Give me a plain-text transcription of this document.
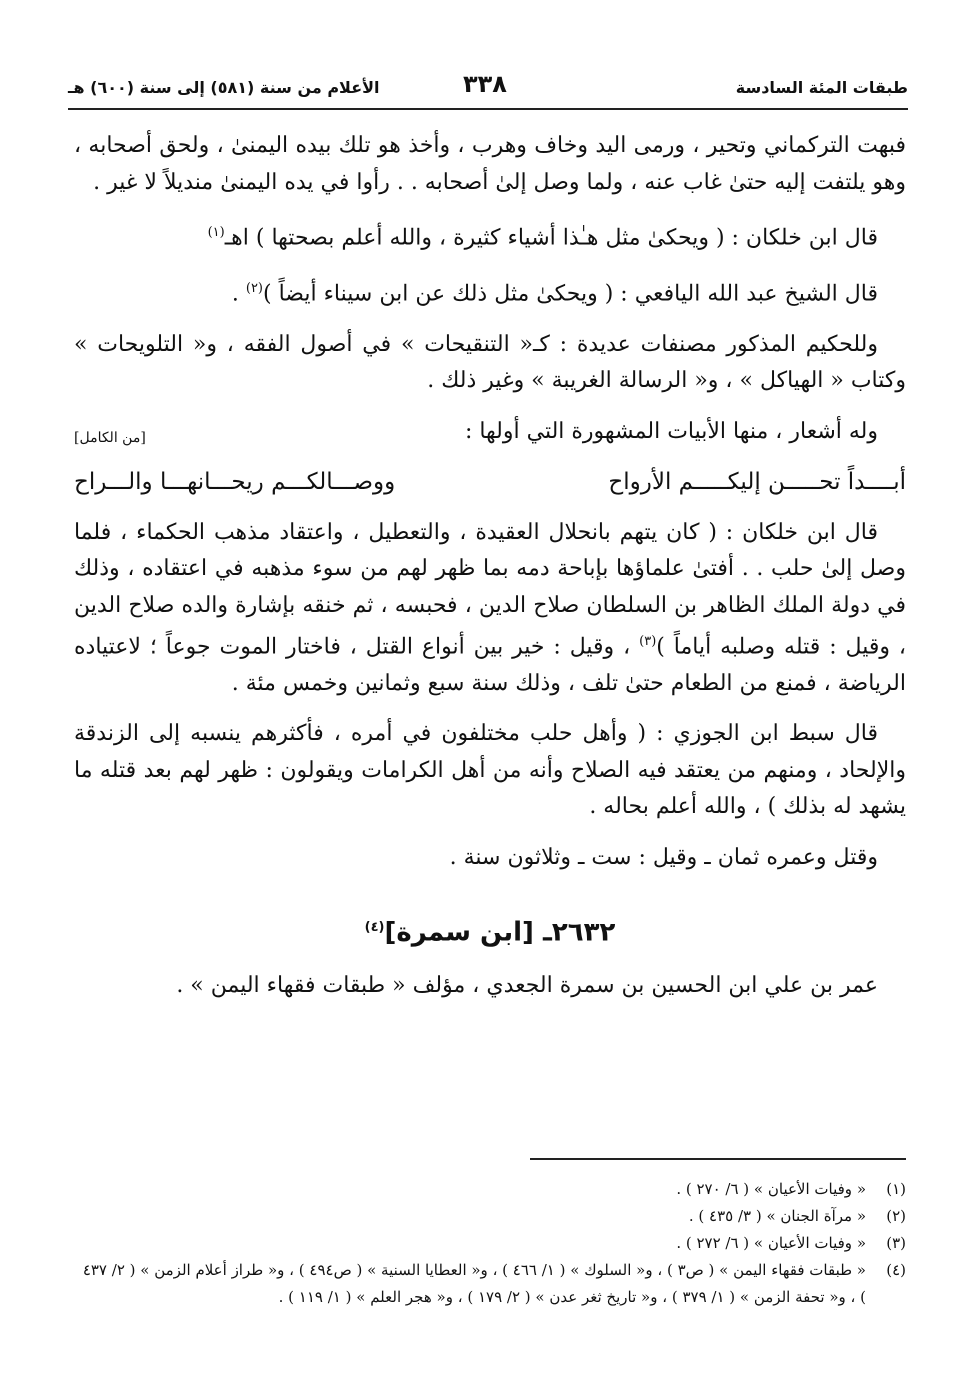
طبقات المئة السادسة
٣٣٨
الأعلام من سنة (٥٨١) إلى سنة (٦٠٠) هـ

فبهت التركماني وتحير ، ورمى اليد وخاف وهرب ، وأخذ هو تلك بيده اليمنىٰ ، ولحق أصحابه ، وهو يلتفت إليه حتىٰ غاب عنه ، ولما وصل إلىٰ أصحابه . . رأوا في يده اليمنىٰ منديلاً لا غير .

قال ابن خلكان : ( ويحكىٰ مثل هـٰذا أشياء كثيرة ، والله أعلم بصحتها ) اهـ$^{(١)}$

قال الشيخ عبد الله اليافعي : ( ويحكىٰ مثل ذلك عن ابن سيناء أيضاً )$^{(٢)}$ .

وللحكيم المذكور مصنفات عديدة : كـ« التنقيحات » في أصول الفقه ، و« التلويحات » وكتاب « الهياكل » ، و« الرسالة الغريبة » وغير ذلك .

وله أشعار ، منها الأبيات المشهورة التي أولها :
[من الكامل]

أبــــداً تحـــــن إليكـــــم الأرواح
ووصـــالكـــم ريحـــانهـــا والـــراح

قال ابن خلكان : ( كان يتهم بانحلال العقيدة ، والتعطيل ، واعتقاد مذهب الحكماء ، فلما وصل إلىٰ حلب . . أفتىٰ علماؤها بإباحة دمه بما ظهر لهم من سوء مذهبه في اعتقاده ، وذلك في دولة الملك الظاهر بن السلطان صلاح الدين ، فحبسه ، ثم خنقه بإشارة والده صلاح الدين ، وقيل : قتله وصلبه أياماً )$^{(٣)}$ ، وقيل : خير بين أنواع القتل ، فاختار الموت جوعاً ؛ لاعتياده الرياضة ، فمنع من الطعام حتىٰ تلف ، وذلك سنة سبع وثمانين وخمس مئة .

قال سبط ابن الجوزي : ( وأهل حلب مختلفون في أمره ، فأكثرهم ينسبه إلى الزندقة والإلحاد ، ومنهم من يعتقد فيه الصلاح وأنه من أهل الكرامات ويقولون : ظهر لهم بعد قتله ما يشهد له بذلك ) ، والله أعلم بحاله .

وقتل وعمره ثمان ـ وقيل : ست ـ وثلاثون سنة .

٢٦٣٢ـ [ابن سمرة]$^{(٤)}$

عمر بن علي ابن الحسين بن سمرة الجعدي ، مؤلف « طبقات فقهاء اليمن » .

(١)
« وفيات الأعيان » ( ٦/ ٢٧٠ ) .
(٢)
« مرآة الجنان » ( ٣/ ٤٣٥ ) .
(٣)
« وفيات الأعيان » ( ٦/ ٢٧٢ ) .
(٤)
« طبقات فقهاء اليمن » ( ص٣ ) ، و« السلوك » ( ١/ ٤٦٦ ) ، و« العطايا السنية » ( ص٤٩٤ ) ، و« طراز أعلام الزمن » ( ٢/ ٤٣٧ ) ، و« تحفة الزمن » ( ١/ ٣٧٩ ) ، و« تاريخ ثغر عدن » ( ٢/ ١٧٩ ) ، و« هجر العلم » ( ١/ ١١٩ ) .
